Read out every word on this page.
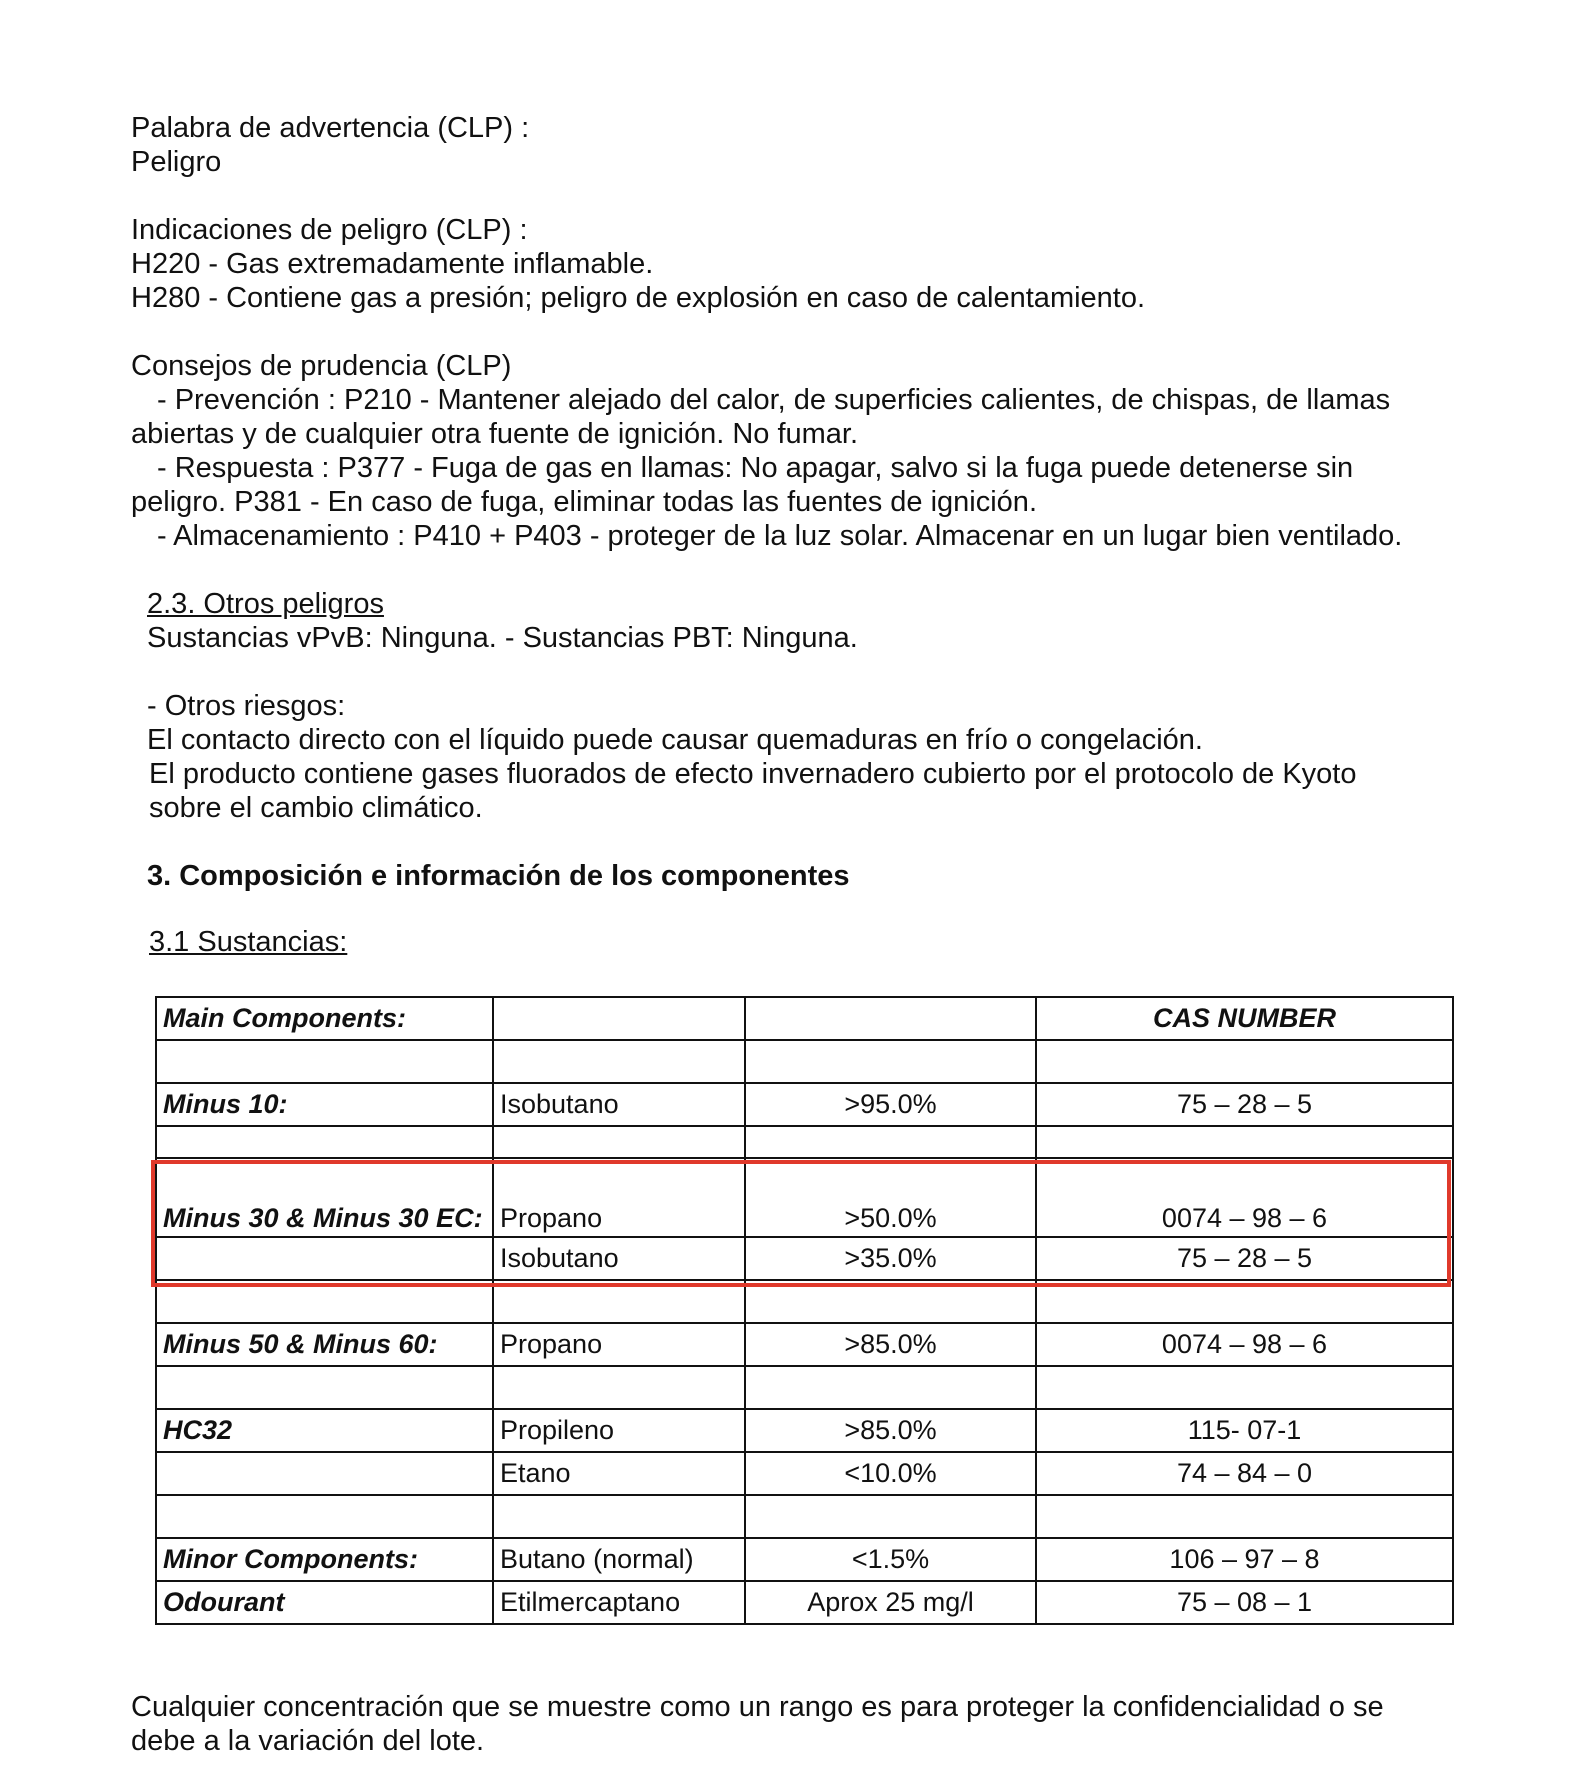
Palabra de advertencia (CLP) :
Peligro
Indicaciones de peligro (CLP) :
H220 - Gas extremadamente inflamable.
H280 - Contiene gas a presión; peligro de explosión en caso de calentamiento.
Consejos de prudencia (CLP)
- Prevención : P210 - Mantener alejado del calor, de superficies calientes, de chispas, de llamas
abiertas y de cualquier otra fuente de ignición. No fumar.
- Respuesta : P377 - Fuga de gas en llamas: No apagar, salvo si la fuga puede detenerse sin
peligro. P381 - En caso de fuga, eliminar todas las fuentes de ignición.
- Almacenamiento : P410 + P403 - proteger de la luz solar. Almacenar en un lugar bien ventilado.
2.3. Otros peligros
Sustancias vPvB: Ninguna. - Sustancias PBT: Ninguna.
- Otros riesgos:
El contacto directo con el líquido puede causar quemaduras en frío o congelación.
El producto contiene gases fluorados de efecto invernadero cubierto por el protocolo de Kyoto
sobre el cambio climático.
3. Composición e información de los componentes
3.1 Sustancias:
Main Components:			CAS NUMBER

Minus 10:	Isobutano	>95.0%	75 – 28 – 5

Minus 30 & Minus 30 EC:	Propano	>50.0%	0074 – 98 – 6
	Isobutano	>35.0%	75 – 28 – 5

Minus 50 & Minus 60:	Propano	>85.0%	0074 – 98 – 6

HC32	Propileno	>85.0%	115- 07-1
	Etano	<10.0%	74 – 84 – 0

Minor Components:	Butano (normal)	<1.5%	106 – 97 – 8
Odourant	Etilmercaptano	Aprox 25 mg/l	75 – 08 – 1
Cualquier concentración que se muestre como un rango es para proteger la confidencialidad o se
debe a la variación del lote.
